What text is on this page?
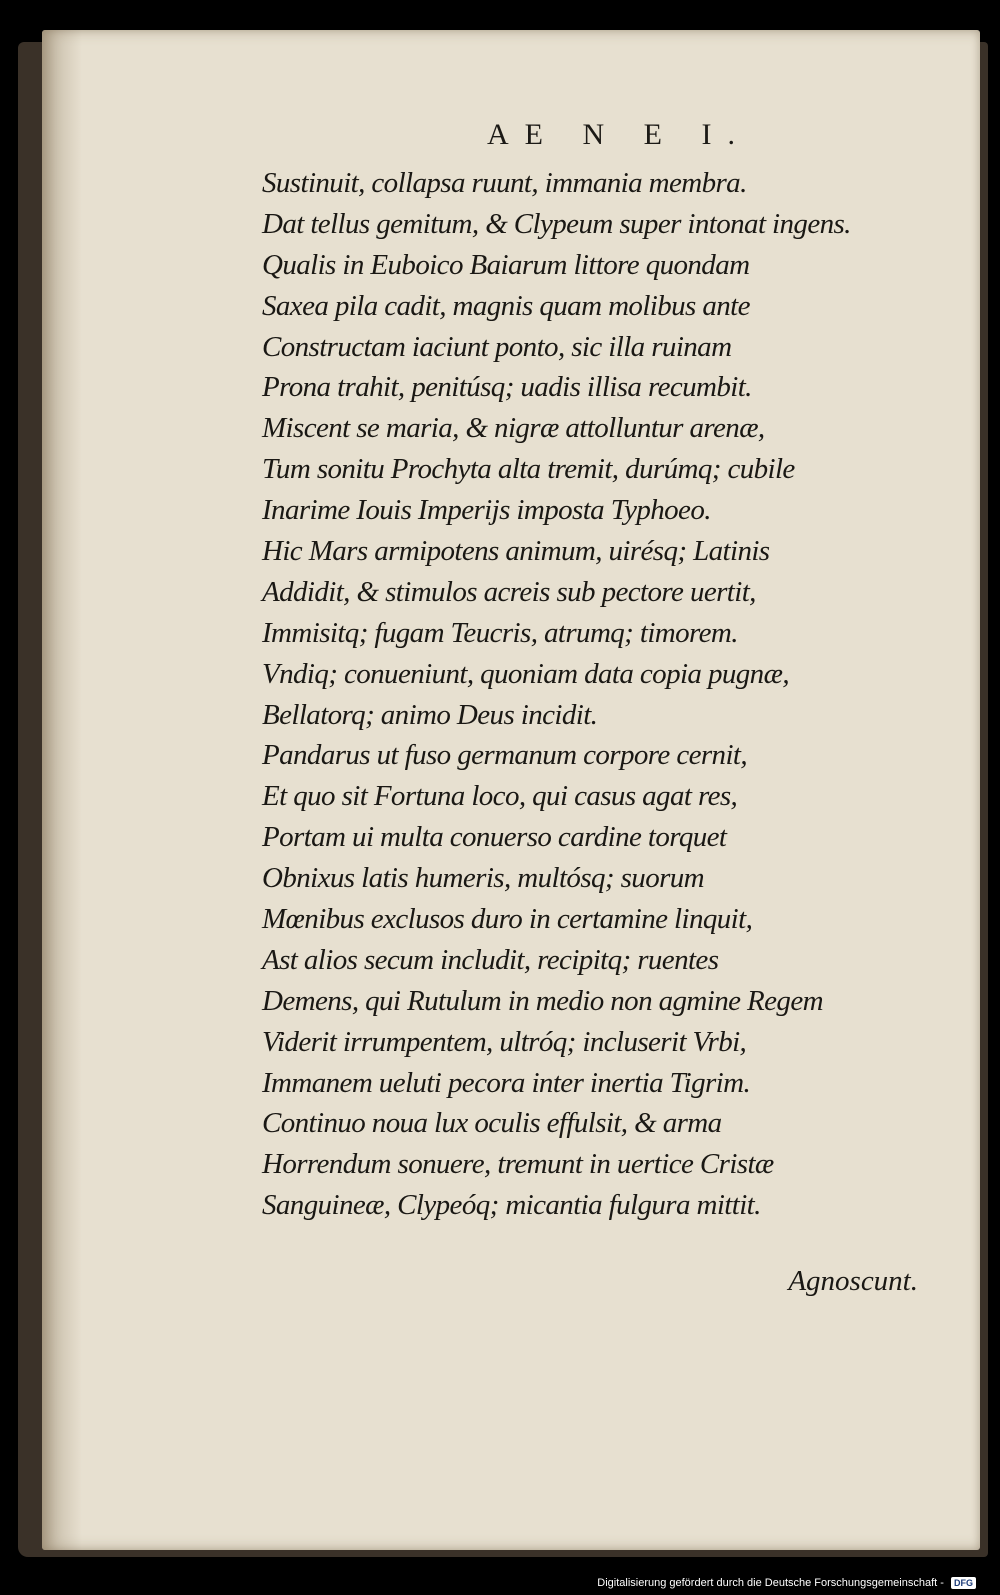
AE N E I.
Sustinuit, collapsa ruunt, immania membra.
Dat tellus gemitum, & Clypeum super intonat ingens.
Qualis in Euboico Baiarum littore quondam
Saxea pila cadit, magnis quam molibus ante
Constructam iaciunt ponto, sic illa ruinam
Prona trahit, penitúsq; uadis illisa recumbit.
Miscent se maria, & nigræ attolluntur arenæ,
Tum sonitu Prochyta alta tremit, durúmq; cubile
Inarime Iouis Imperijs imposta Typhoeo.
Hic Mars armipotens animum, uirésq; Latinis
Addidit, & stimulos acreis sub pectore uertit,
Immisitq; fugam Teucris, atrumq; timorem.
Vndiq; conueniunt, quoniam data copia pugnæ,
Bellatorq; animo Deus incidit.
Pandarus ut fuso germanum corpore cernit,
Et quo sit Fortuna loco, qui casus agat res,
Portam ui multa conuerso cardine torquet
Obnixus latis humeris, multósq; suorum
Mœnibus exclusos duro in certamine linquit,
Ast alios secum includit, recipitq; ruentes
Demens, qui Rutulum in medio non agmine Regem
Viderit irrumpentem, ultróq; incluserit Vrbi,
Immanem ueluti pecora inter inertia Tigrim.
Continuo noua lux oculis effulsit, & arma
Horrendum sonuere, tremunt in uertice Cristæ
Sanguineæ, Clypeóq; micantia fulgura mittit.

Agnoscunt.

Digitalisierung gefördert durch die Deutsche Forschungsgemeinschaft - DFG
